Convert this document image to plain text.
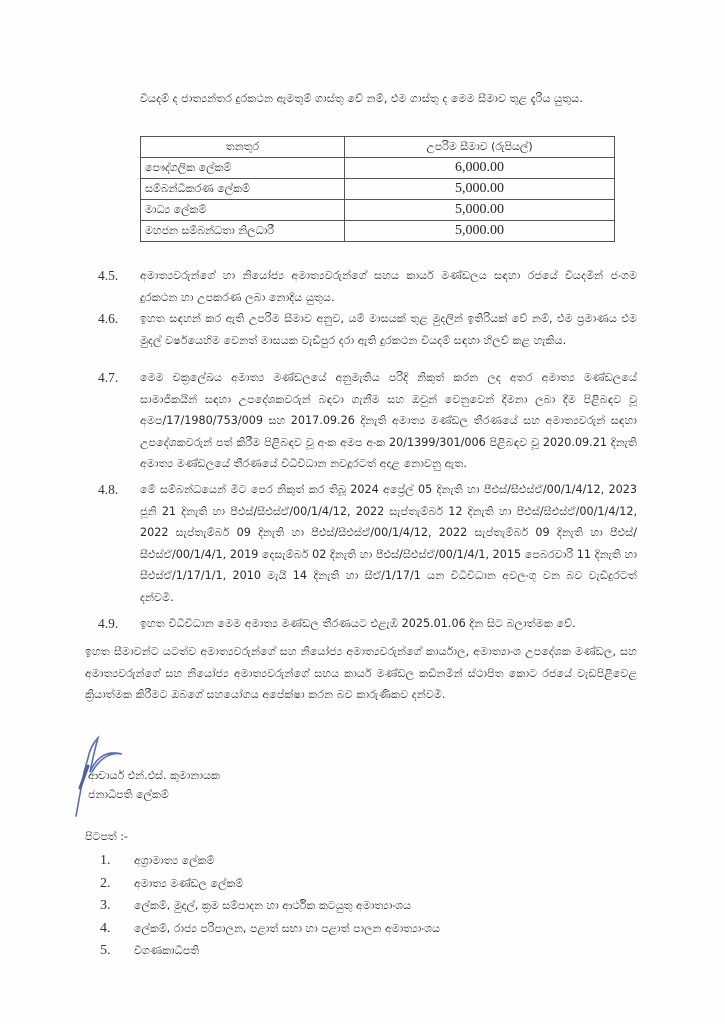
වියදම් ද ජාත්‍යන්තර දුරකථන ඇමතුම් ගාස්තු වේ නම්, එම ගාස්තු ද මෙම සීමාව තුළ දැරිය යුතුය.
තනතුර	උපරිම සීමාව (රුපියල්)
පෞද්ගලික ලේකම්	6,000.00
සම්බන්ධීකරණ ලේකම්	5,000.00
මාධ්‍ය ලේකම්	5,000.00
මහජන සම්බන්ධතා නිලධාරී	5,000.00
4.5. අමාත්‍යවරුන්ගේ හා නියෝජ්‍ය අමාත්‍යවරුන්ගේ සහය කාර්ය මණ්ඩලය සඳහා රජයේ වියදමින් ජංගම දුරකථන හා උපකරණ ලබා නොදිය යුතුය.
4.6. ඉහත සඳහන් කර ඇති උපරිම සීමාව අනුව, යම් මාසයක් තුළ මුදලින් ඉතිරියක් වේ නම්, එම ප්‍රමාණය එම මුදල් වර්ෂයෙහිම වෙනත් මාසයක වැඩිපුර දරා ඇති දුරකථන වියදම් සඳහා හිලව් කළ හැකිය.
4.7. මෙම චක්‍රලේඛය අමාත්‍ය මණ්ඩලයේ අනුමැතිය පරිදි නිකුත් කරන ලද අතර අමාත්‍ය මණ්ඩලයේ සාමාජිකයින් සඳහා උපදේශකවරුන් බඳවා ගැනීම සහ ඔවුන් වෙනුවෙන් දීමනා ලබා දීම පිළිබඳව වූ අමප/17/1980/753/009 සහ 2017.09.26 දිනැති අමාත්‍ය මණ්ඩල තීරණයේ සහ අමාත්‍යවරුන් සඳහා උපදේශකවරුන් පත් කිරීම පිළිබඳව වූ අංක අමප අංක 20/1399/301/006 පිළිබඳව වූ 2020.09.21 දිනැති අමාත්‍ය මණ්ඩලයේ තීරණයේ විධිවිධාන නවදූරටත් අදාළ නොවනු ඇත.
4.8. මේ සම්බන්ධයෙන් මීට පෙර නිකුත් කර තිබූ 2024 අප්‍රේල් 05 දිනැති හා පීඑස්/සීඑස්ඒ/00/1/4/12, 2023 ජූනි 21 දිනැති හා පීඑස්/සීඑස්ඒ/00/1/4/12, 2022 සැප්තැම්බර් 12 දිනැති හා පීඑස්/සීඑස්ඒ/00/1/4/12, 2022 සැප්තැම්බර් 09 දිනැති හා පීඑස්/සීඑස්ඒ/00/1/4/12, 2022 සැප්තැම්බර් 09 දිනැති හා පීඑස්/සීඑස්ඒ/00/1/4/1, 2019 දෙසැම්බර් 02 දිනැති හා පීඑස්/සීඑස්ඒ/00/1/4/1, 2015 පෙබරවාරි 11 දිනැති හා සීඑස්ඒ/1/17/1/1, 2010 මැයි 14 දිනැති හා සීඒ/1/17/1 යන විධිවිධාන අවලංගු වන බව වැඩිදුරටත් දන්වමි.
4.9. ඉහත විධිවිධාන මෙම අමාත්‍ය මණ්ඩල තීරණයට එළැඹි 2025.01.06 දින සිට බලාත්මක වේ.
ඉහත සීමාවන්ට යටත්ව අමාත්‍යවරුන්ගේ සහ නියෝජ්‍ය අමාත්‍යවරුන්ගේ කාර්යාල, අමාත්‍යාංශ උපදේශක මණ්ඩල, සහ අමාත්‍යවරුන්ගේ සහ නියෝජ්‍ය අමාත්‍යවරුන්ගේ සහය කාර්ය මණ්ඩල කඩිනමින් ස්ථාපිත කොට රජයේ වැඩපිළිවෙළ ක්‍රියාත්මක කිරීමට ඔබගේ සහයෝගය අපේක්ෂා කරන බව කාරුණිකව දන්වමි.
ආචාර්ය එන්.එස්. කුමානායක
ජනාධිපති ලේකම්
පිටපත් :-
1.	අග්‍රාමාත්‍ය ලේකම්
2.	අමාත්‍ය මණ්ඩල ලේකම්
3.	ලේකම්, මුදල්, ක්‍රම සම්පාදන හා ආර්ථික කටයුතු අමාත්‍යාංශය
4.	ලේකම්, රාජ්‍ය පරිපාලන, පළාත් සභා හා පළාත් පාලන අමාත්‍යාංශය
5.	විගණකාධිපති
